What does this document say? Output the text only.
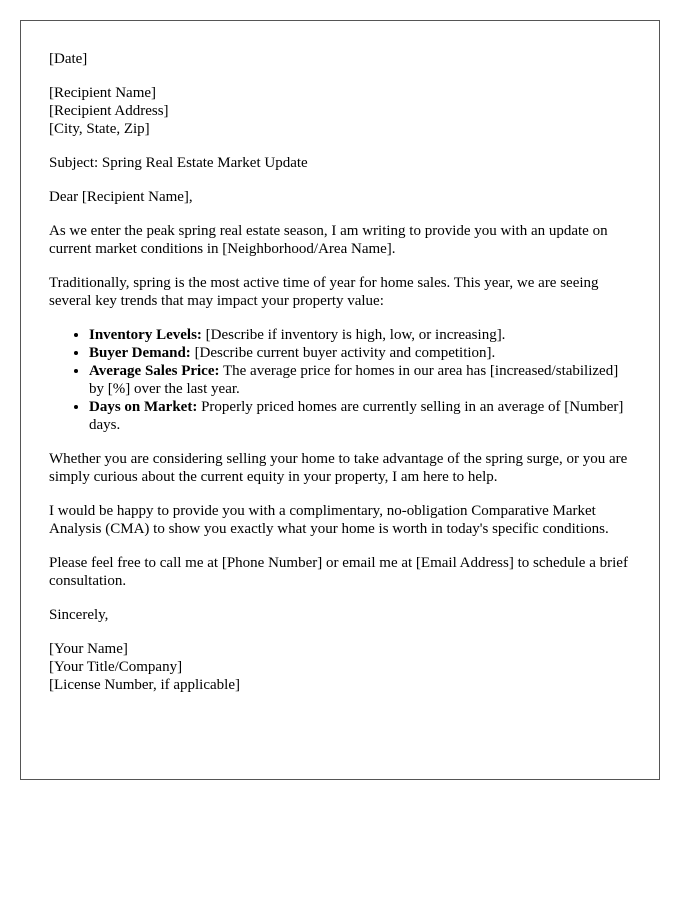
[Date]
[Recipient Name]
[Recipient Address]
[City, State, Zip]
Subject: Spring Real Estate Market Update
Dear [Recipient Name],
As we enter the peak spring real estate season, I am writing to provide you with an update on current market conditions in [Neighborhood/Area Name].
Traditionally, spring is the most active time of year for home sales. This year, we are seeing several key trends that may impact your property value:
• Inventory Levels: [Describe if inventory is high, low, or increasing].
• Buyer Demand: [Describe current buyer activity and competition].
• Average Sales Price: The average price for homes in our area has [increased/stabilized] by [%] over the last year.
• Days on Market: Properly priced homes are currently selling in an average of [Number] days.
Whether you are considering selling your home to take advantage of the spring surge, or you are simply curious about the current equity in your property, I am here to help.
I would be happy to provide you with a complimentary, no-obligation Comparative Market Analysis (CMA) to show you exactly what your home is worth in today's specific conditions.
Please feel free to call me at [Phone Number] or email me at [Email Address] to schedule a brief consultation.
Sincerely,
[Your Name]
[Your Title/Company]
[License Number, if applicable]
